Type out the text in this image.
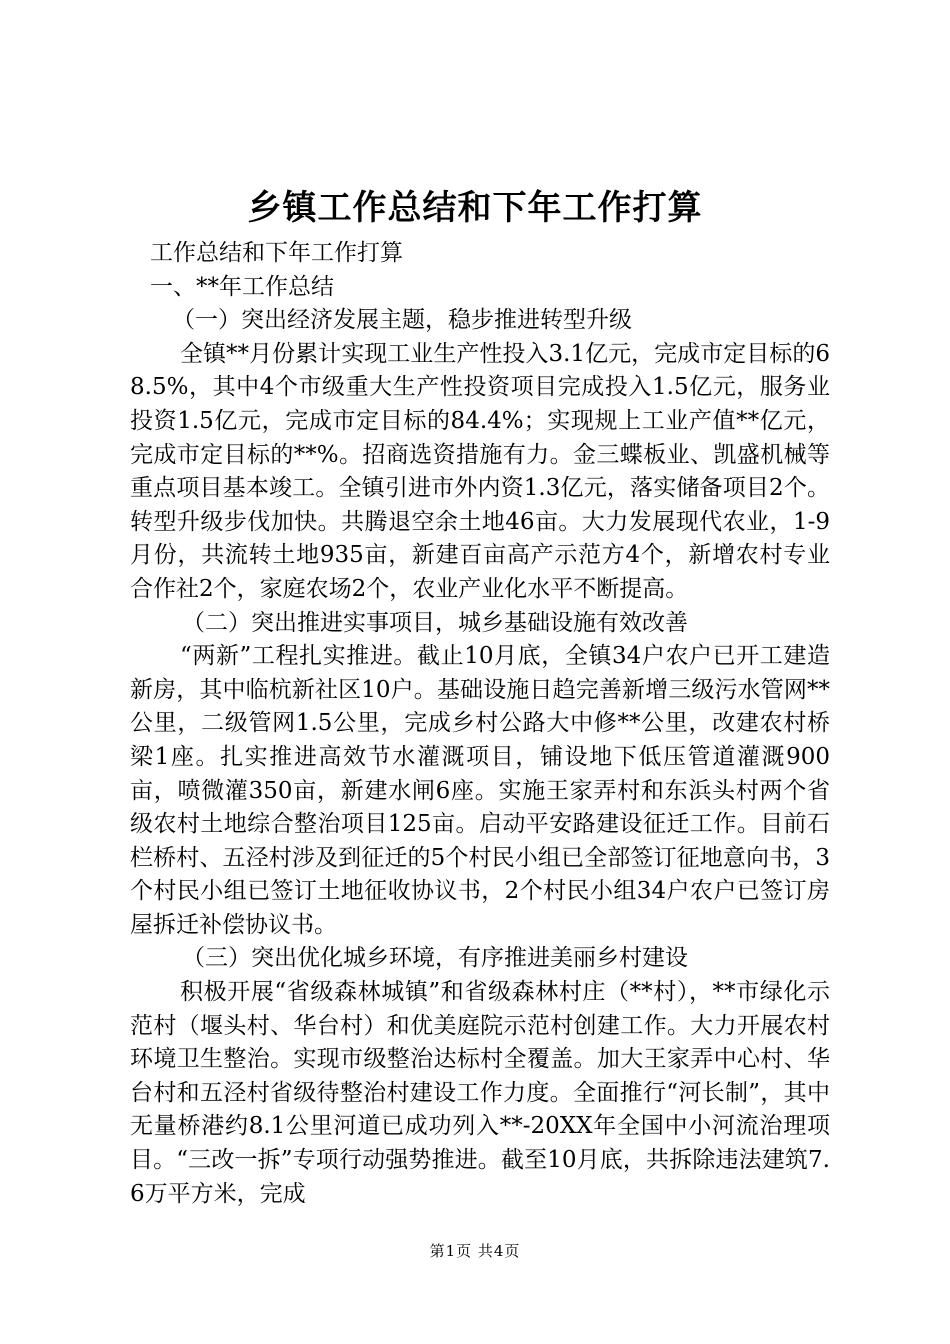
乡镇工作总结和下年工作打算

工作总结和下年工作打算

一、**年工作总结

（一）突出经济发展主题，稳步推进转型升级

全镇**月份累计实现工业生产性投入3.1亿元，完成市定目标的68.5%，其中4个市级重大生产性投资项目完成投入1.5亿元，服务业投资1.5亿元，完成市定目标的84.4%；实现规上工业产值**亿元，完成市定目标的**%。招商选资措施有力。金三蝶板业、凯盛机械等重点项目基本竣工。全镇引进市外内资1.3亿元，落实储备项目2个。转型升级步伐加快。共腾退空余土地46亩。大力发展现代农业，1-9月份，共流转土地935亩，新建百亩高产示范方4个，新增农村专业合作社2个，家庭农场2个，农业产业化水平不断提高。

（二）突出推进实事项目，城乡基础设施有效改善

“两新”工程扎实推进。截止10月底，全镇34户农户已开工建造新房，其中临杭新社区10户。基础设施日趋完善新增三级污水管网**公里，二级管网1.5公里，完成乡村公路大中修**公里，改建农村桥梁1座。扎实推进高效节水灌溉项目，铺设地下低压管道灌溉900亩，喷微灌350亩，新建水闸6座。实施王家弄村和东浜头村两个省级农村土地综合整治项目125亩。启动平安路建设征迁工作。目前石栏桥村、五泾村涉及到征迁的5个村民小组已全部签订征地意向书，3个村民小组已签订土地征收协议书，2个村民小组34户农户已签订房屋拆迁补偿协议书。

（三）突出优化城乡环境，有序推进美丽乡村建设

积极开展“省级森林城镇”和省级森林村庄（**村），**市绿化示范村（堰头村、华台村）和优美庭院示范村创建工作。大力开展农村环境卫生整治。实现市级整治达标村全覆盖。加大王家弄中心村、华台村和五泾村省级待整治村建设工作力度。全面推行“河长制”，其中无量桥港约8.1公里河道已成功列入**-20XX年全国中小河流治理项目。“三改一拆”专项行动强势推进。截至10月底，共拆除违法建筑7.6万平方米，完成

第1页 共4页
